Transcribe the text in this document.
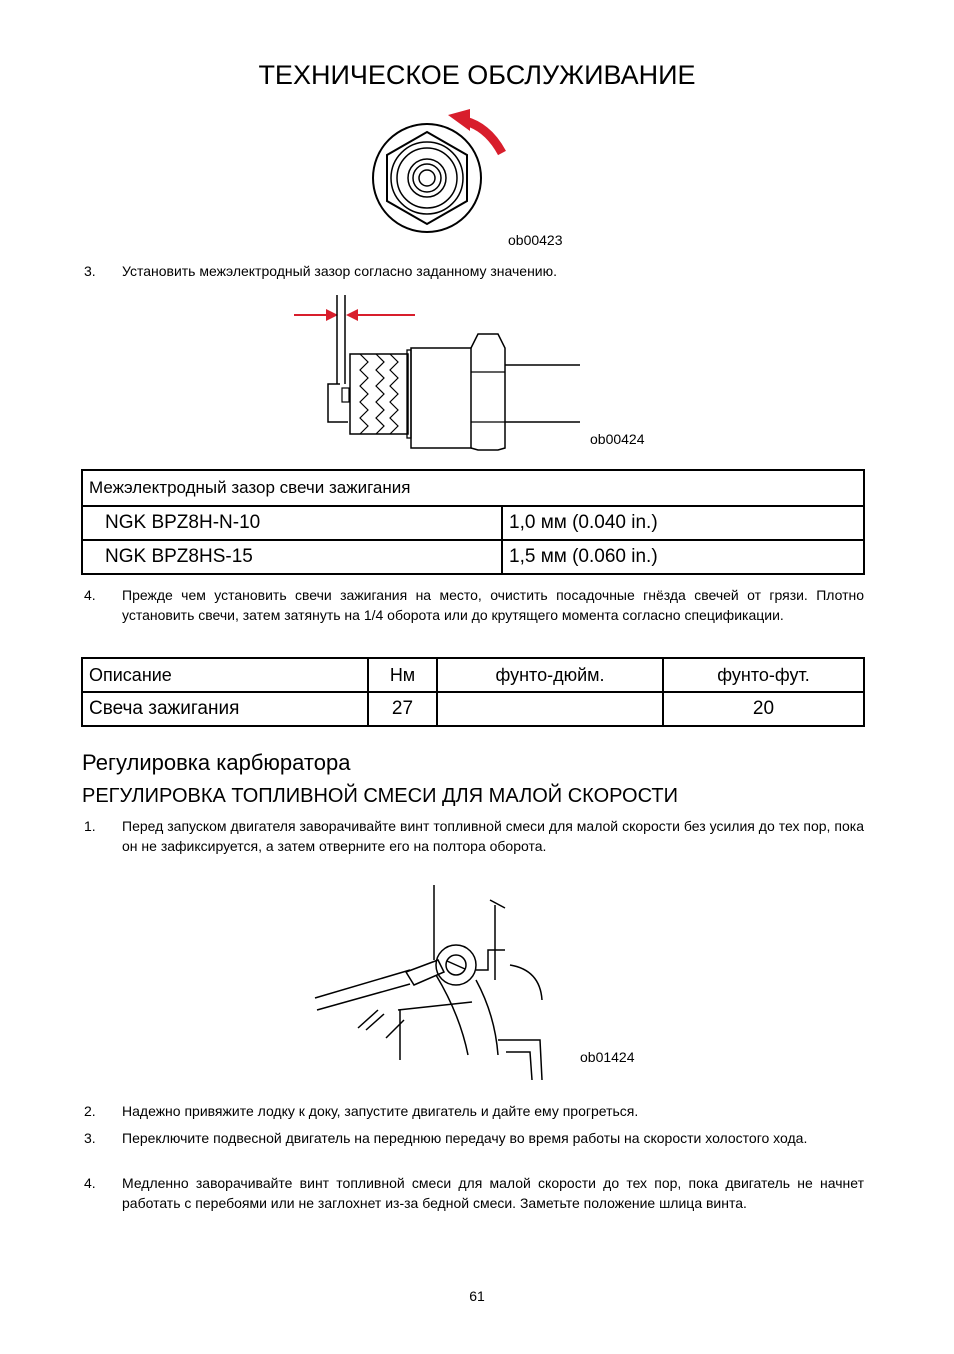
ТЕХНИЧЕСКОЕ ОБСЛУЖИВАНИЕ
ob00423
3. Установить межэлектродный зазор согласно заданному значению.
ob00424
Межэлектродный зазор свечи зажигания	
NGK BPZ8H-N-10	1,0 мм (0.040 in.)
NGK BPZ8HS-15	1,5 мм (0.060 in.)
4. Прежде чем установить свечи зажигания на место, очистить посадочные гнёзда свечей от грязи. Плотно установить свечи, затем затянуть на 1/4 оборота или до крутящего момента согласно спецификации.
Описание	Нм	фунто-дюйм.	фунто-фут.
Свеча зажигания	27		20
Регулировка карбюратора
РЕГУЛИРОВКА ТОПЛИВНОЙ СМЕСИ ДЛЯ МАЛОЙ СКОРОСТИ
1. Перед запуском двигателя заворачивайте винт топливной смеси для малой скорости без усилия до тех пор, пока он не зафиксируется, а затем отверните его на полтора оборота.
ob01424
2. Надежно привяжите лодку к доку, запустите двигатель и дайте ему прогреться.
3. Переключите подвесной двигатель на переднюю передачу во время работы на скорости холостого хода.
4. Медленно заворачивайте винт топливной смеси для малой скорости до тех пор, пока двигатель не начнет работать с перебоями или не заглохнет из-за бедной смеси. Заметьте положение шлица винта.
61
